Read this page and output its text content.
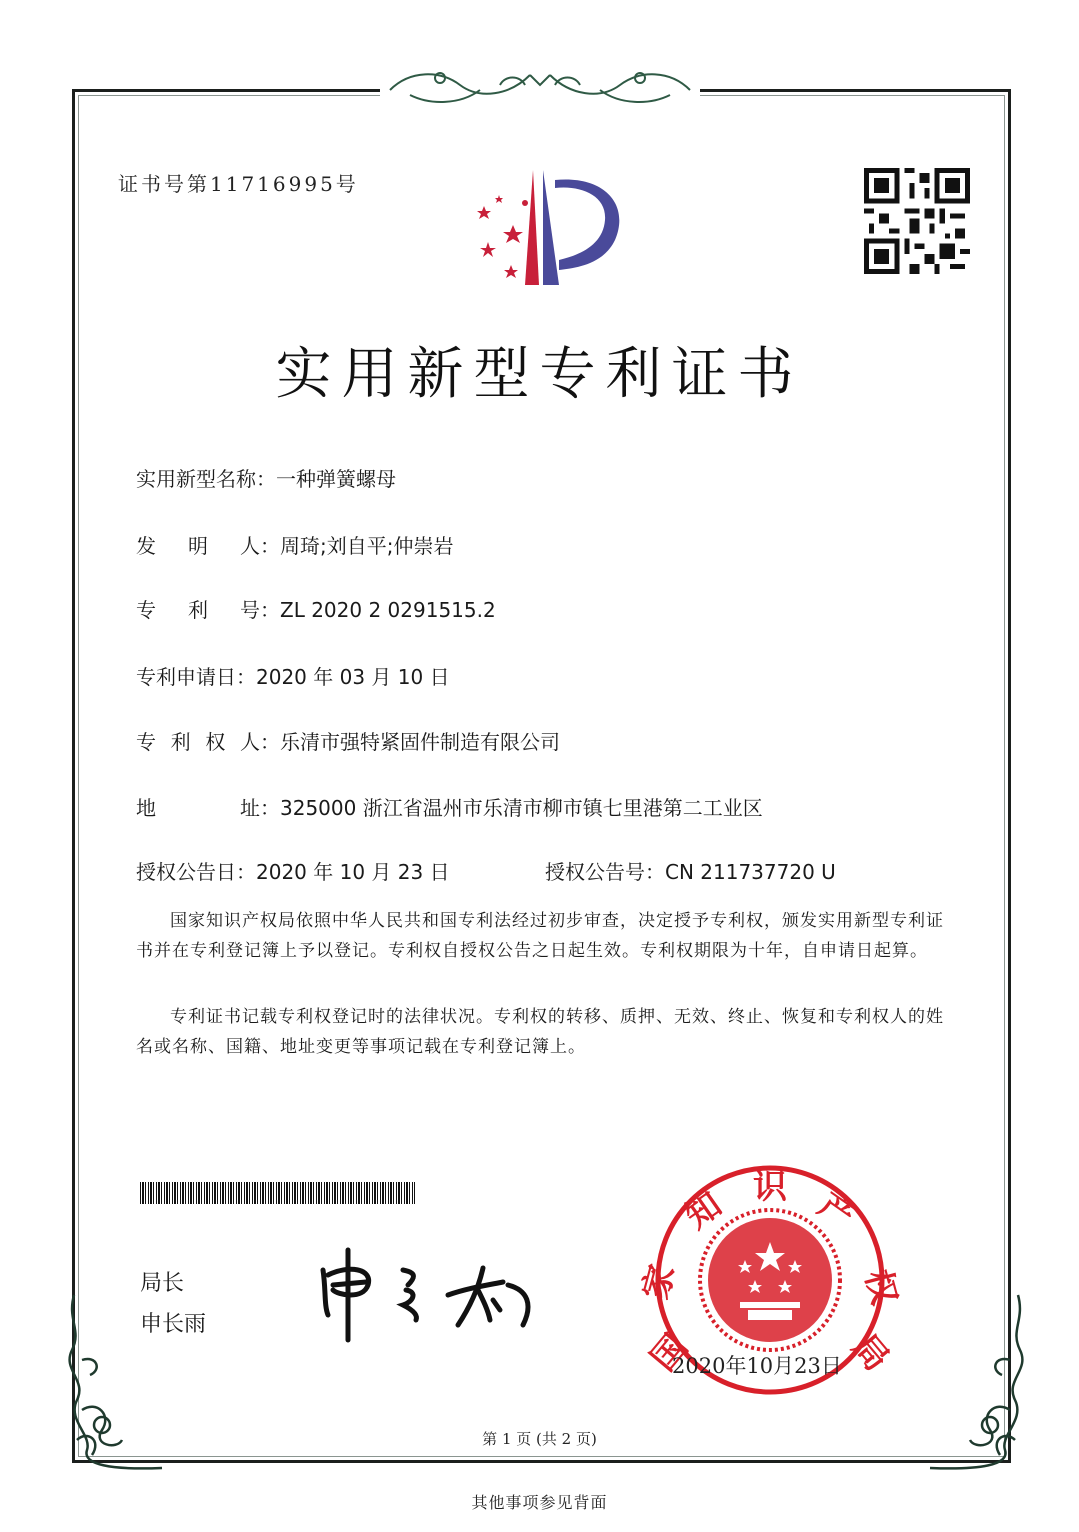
证书号第11716995号
实用新型专利证书
实用新型名称：一种弹簧螺母
发 明 人 ：周琦;刘自平;仲崇岩
专 利 号 ：ZL 2020 2 0291515.2
专利申请日：2020 年 03 月 10 日
专 利 权 人 ：乐清市强特紧固件制造有限公司
地	址 ：325000 浙江省温州市乐清市柳市镇七里港第二工业区
授权公告日：2020 年 10 月 23 日	授权公告号：CN 211737720 U
国家知识产权局依照中华人民共和国专利法经过初步审查，决定授予专利权，颁发实用新型专利证书并在专利登记簿上予以登记。专利权自授权公告之日起生效。专利权期限为十年，自申请日起算。
专利证书记载专利权登记时的法律状况。专利权的转移、质押、无效、终止、恢复和专利权人的姓名或名称、国籍、地址变更等事项记载在专利登记簿上。
局长
申长雨
国
家
知 识 产
权
局
2020年10月23日
第 1 页 (共 2 页)
其他事项参见背面
